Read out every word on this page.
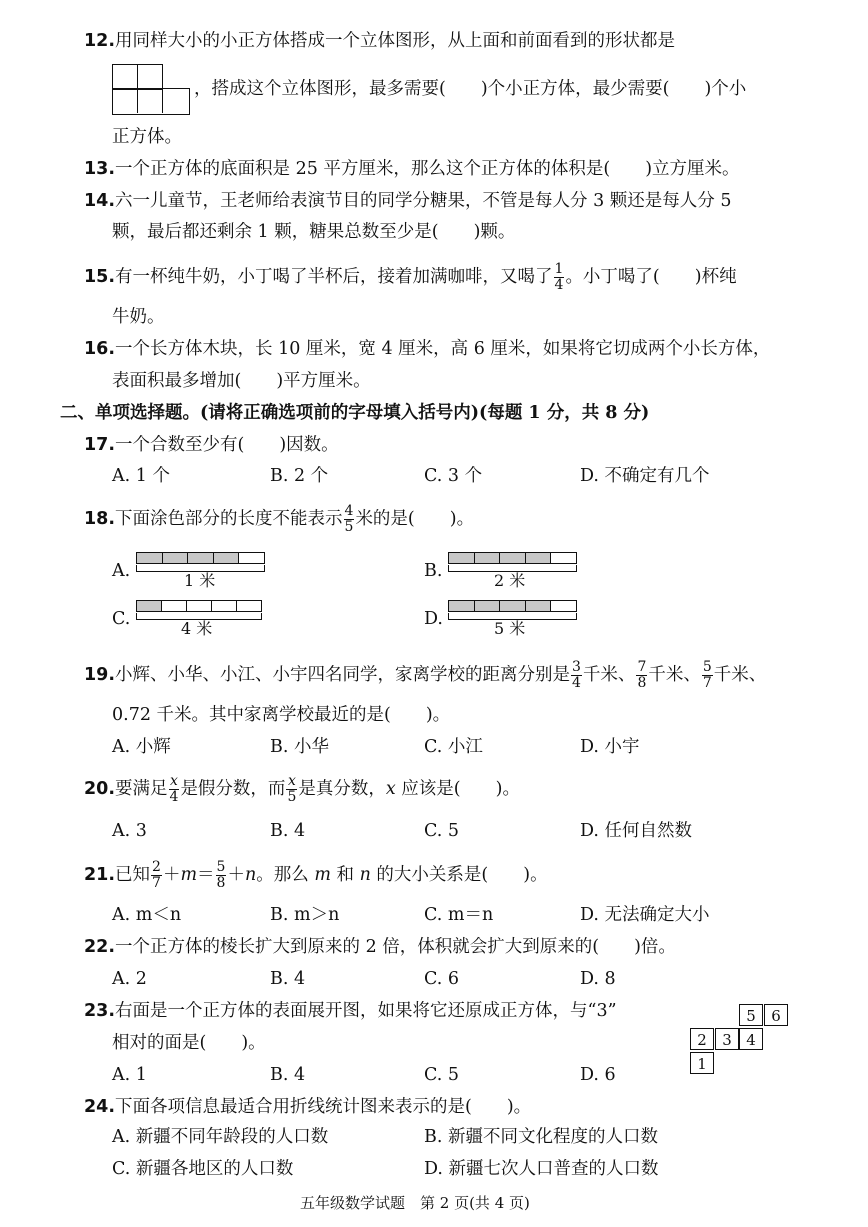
12.用同样大小的小正方体搭成一个立体图形，从上面和前面看到的形状都是
，搭成这个立体图形，最多需要(　　)个小正方体，最少需要(　　)个小
正方体。
13.一个正方体的底面积是 25 平方厘米，那么这个正方体的体积是(　　)立方厘米。
14.六一儿童节，王老师给表演节目的同学分糖果，不管是每人分 3 颗还是每人分 5
颗，最后都还剩余 1 颗，糖果总数至少是(　　)颗。
15.有一杯纯牛奶，小丁喝了半杯后，接着加满咖啡，又喝了 $\frac{1}{4}$ 。小丁喝了(　　)杯纯
牛奶。
16.一个长方体木块，长 10 厘米，宽 4 厘米，高 6 厘米，如果将它切成两个小长方体，
表面积最多增加(　　)平方厘米。
二、单项选择题。(请将正确选项前的字母填入括号内)(每题 1 分，共 8 分)
17.一个合数至少有(　　)因数。
A. 1 个	B. 2 个	C. 3 个	D. 不确定有几个
18.下面涂色部分的长度不能表示 $\frac{4}{5}$ 米的是(　　)。
A.	1 米	B.	2 米
C.	4 米	D.	5 米
19.小辉、小华、小江、小宇四名同学，家离学校的距离分别是 $\frac{3}{4}$ 千米、 $\frac{7}{8}$ 千米、 $\frac{5}{7}$ 千米、
0.72 千米。其中家离学校最近的是(　　)。
A. 小辉	B. 小华	C. 小江	D. 小宇
20.要满足 $\frac{x}{4}$ 是假分数，而 $\frac{x}{5}$ 是真分数，x 应该是(　　)。
A. 3	B. 4	C. 5	D. 任何自然数
21.已知 $\frac{2}{7} +m= \frac{5}{8} +n$。那么 m 和 n 的大小关系是(　　)。
A. m＜n	B. m＞n	C. m＝n	D. 无法确定大小
22.一个正方体的棱长扩大到原来的 2 倍，体积就会扩大到原来的(　　)倍。
A. 2	B. 4	C. 6	D. 8
23.右面是一个正方体的表面展开图，如果将它还原成正方体，与“3”
相对的面是(　　)。
A. 1	B. 4	C. 5	D. 6
5	6
2	3 4
1
24.下面各项信息最适合用折线统计图来表示的是(　　)。
A. 新疆不同年龄段的人口数	B. 新疆不同文化程度的人口数
C. 新疆各地区的人口数	D. 新疆七次人口普查的人口数
五年级数学试题　第 2 页(共 4 页)
